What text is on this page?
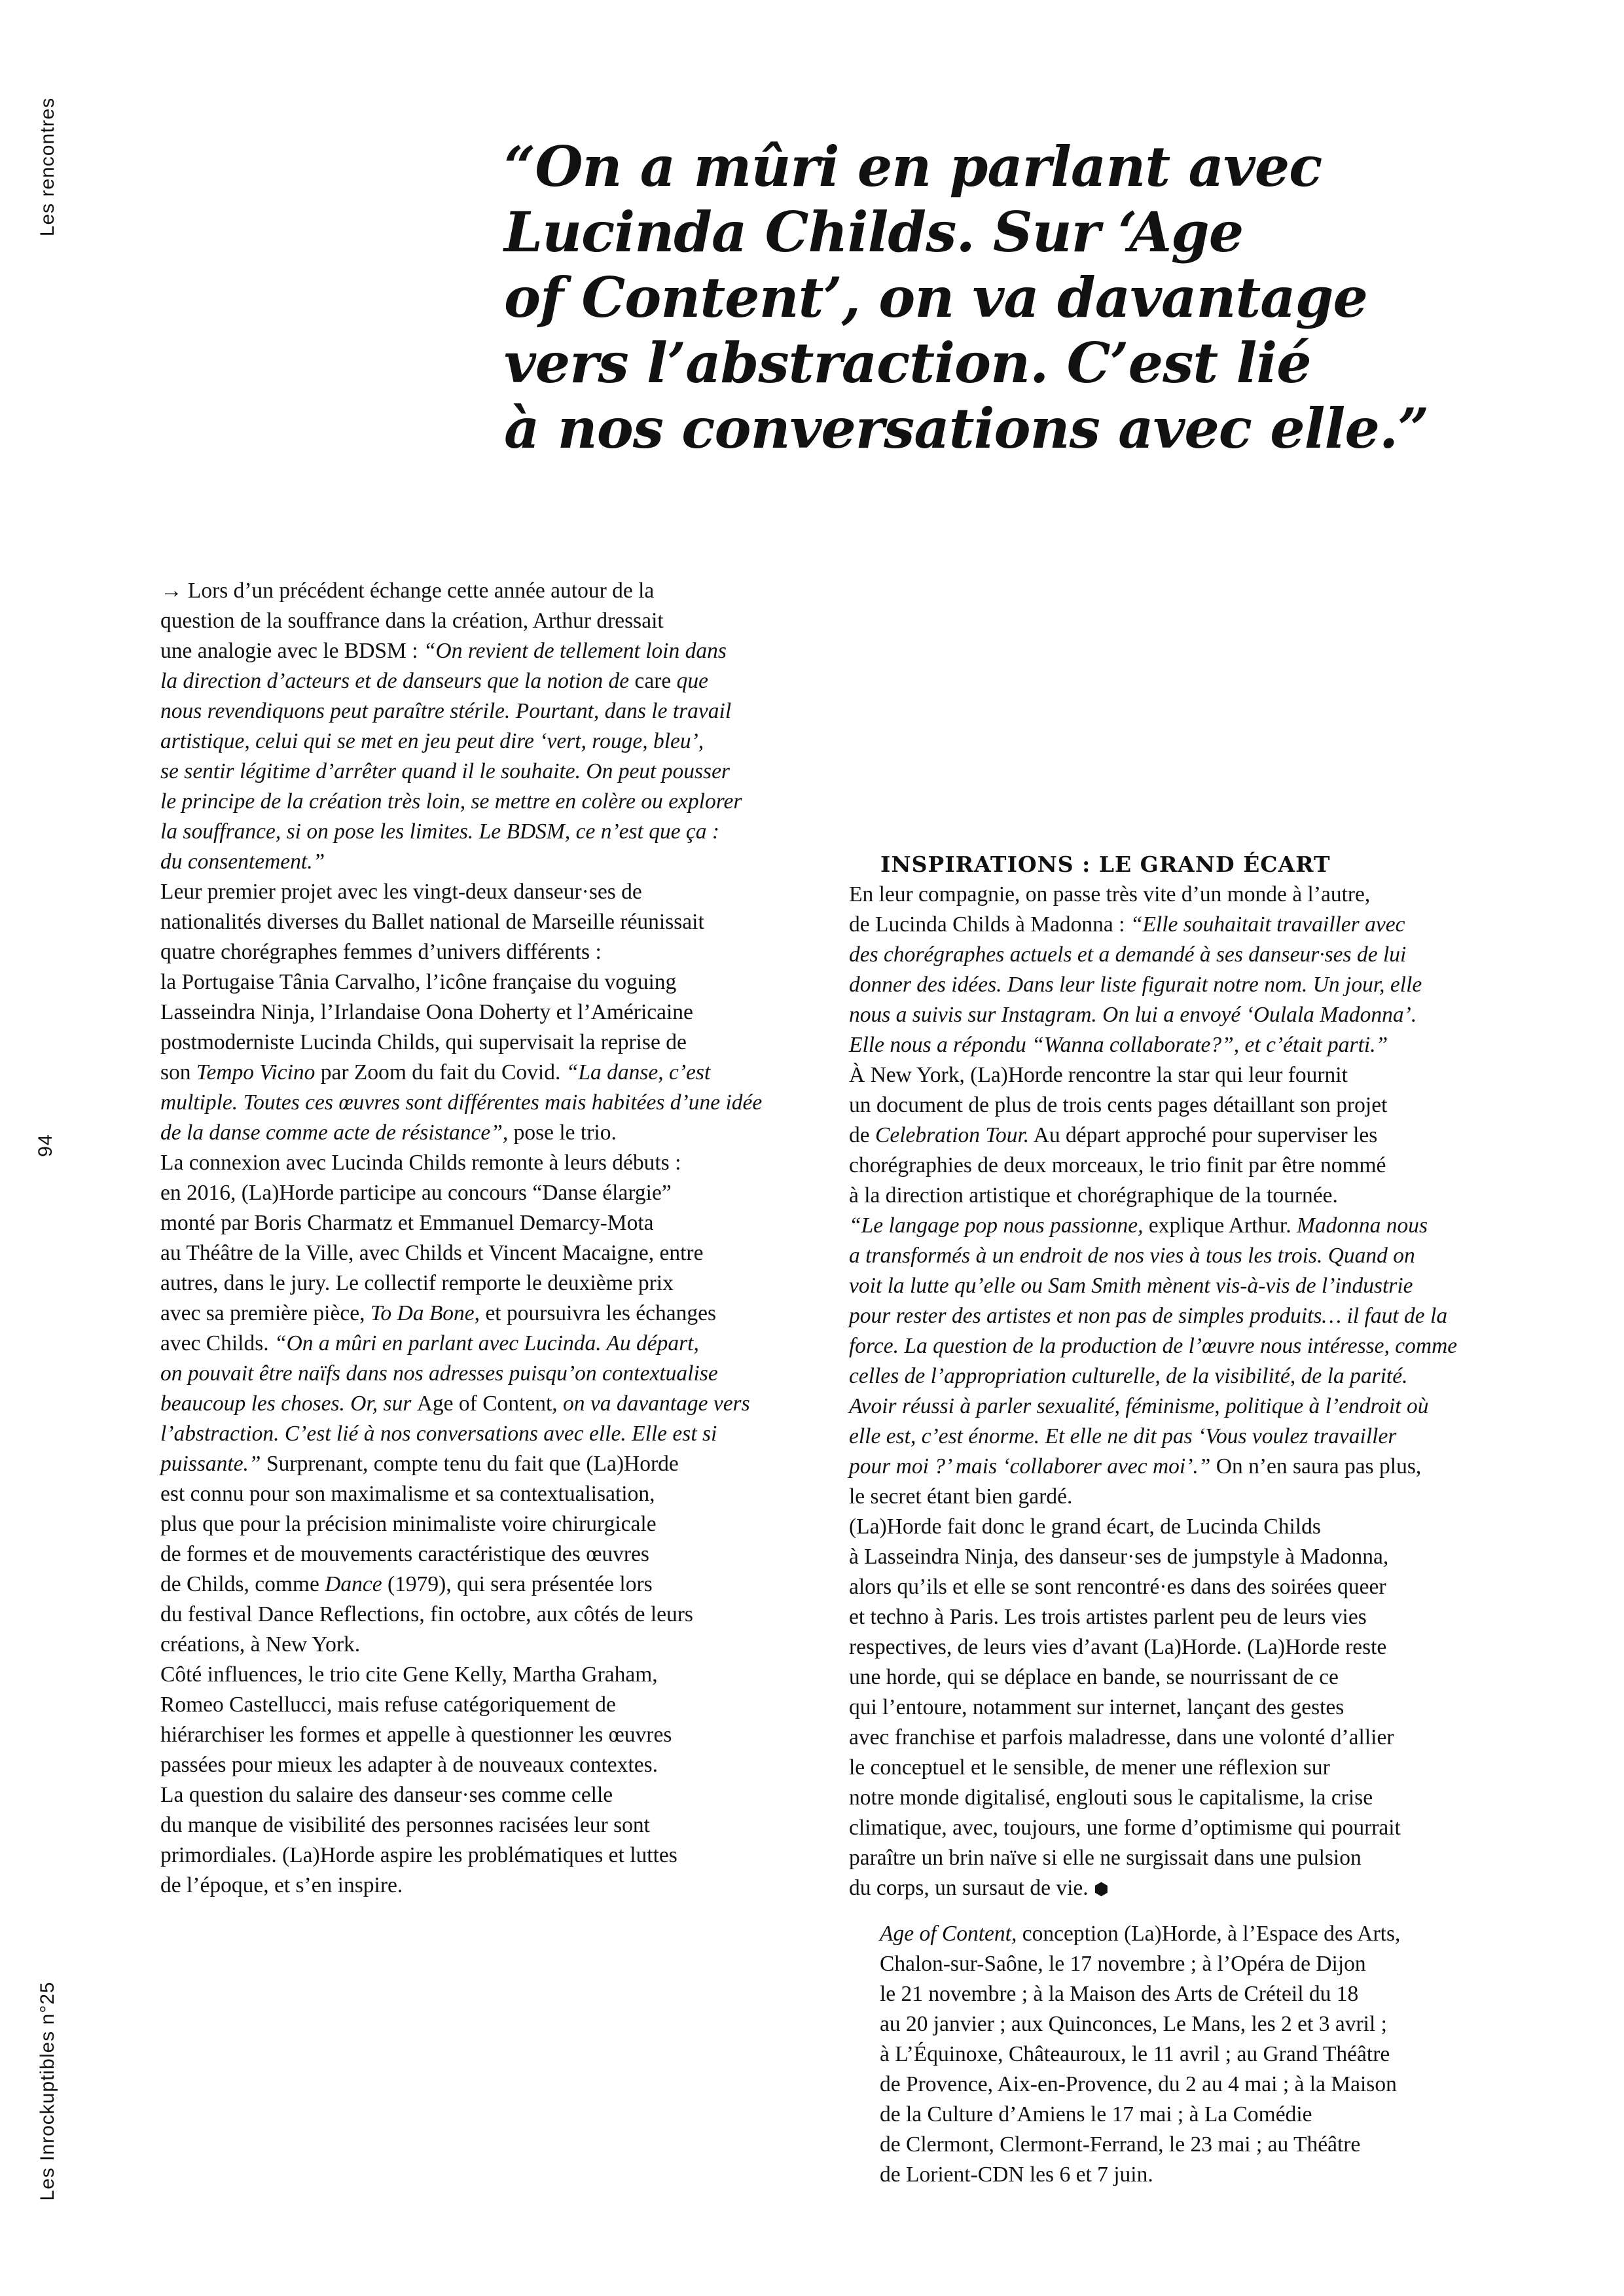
Les rencontres
94
Les Inrockuptibles n°25
“On a mûri en parlant avec
Lucinda Childs. Sur ‘Age
of Content’, on va davantage
vers l’abstraction. C’est lié
à nos conversations avec elle.”
→ Lors d’un précédent échange cette année autour de la
question de la souffrance dans la création, Arthur dressait
une analogie avec le BDSM : “On revient de tellement loin dans
la direction d’acteurs et de danseurs que la notion de care que
nous revendiquons peut paraître stérile. Pourtant, dans le travail
artistique, celui qui se met en jeu peut dire ‘vert, rouge, bleu’,
se sentir légitime d’arrêter quand il le souhaite. On peut pousser
le principe de la création très loin, se mettre en colère ou explorer
la souffrance, si on pose les limites. Le BDSM, ce n’est que ça :
du consentement.”
Leur premier projet avec les vingt-deux danseur·ses de
nationalités diverses du Ballet national de Marseille réunissait
quatre chorégraphes femmes d’univers différents :
la Portugaise Tânia Carvalho, l’icône française du voguing
Lasseindra Ninja, l’Irlandaise Oona Doherty et l’Américaine
postmoderniste Lucinda Childs, qui supervisait la reprise de
son Tempo Vicino par Zoom du fait du Covid. “La danse, c’est
multiple. Toutes ces œuvres sont différentes mais habitées d’une idée
de la danse comme acte de résistance”, pose le trio.
La connexion avec Lucinda Childs remonte à leurs débuts :
en 2016, (La)Horde participe au concours “Danse élargie”
monté par Boris Charmatz et Emmanuel Demarcy-Mota
au Théâtre de la Ville, avec Childs et Vincent Macaigne, entre
autres, dans le jury. Le collectif remporte le deuxième prix
avec sa première pièce, To Da Bone, et poursuivra les échanges
avec Childs. “On a mûri en parlant avec Lucinda. Au départ,
on pouvait être naïfs dans nos adresses puisqu’on contextualise
beaucoup les choses. Or, sur Age of Content, on va davantage vers
l’abstraction. C’est lié à nos conversations avec elle. Elle est si
puissante.” Surprenant, compte tenu du fait que (La)Horde
est connu pour son maximalisme et sa contextualisation,
plus que pour la précision minimaliste voire chirurgicale
de formes et de mouvements caractéristique des œuvres
de Childs, comme Dance (1979), qui sera présentée lors
du festival Dance Reflections, fin octobre, aux côtés de leurs
créations, à New York.
Côté influences, le trio cite Gene Kelly, Martha Graham,
Romeo Castellucci, mais refuse catégoriquement de
hiérarchiser les formes et appelle à questionner les œuvres
passées pour mieux les adapter à de nouveaux contextes.
La question du salaire des danseur·ses comme celle
du manque de visibilité des personnes racisées leur sont
primordiales. (La)Horde aspire les problématiques et luttes
de l’époque, et s’en inspire.
INSPIRATIONS : LE GRAND ÉCART
En leur compagnie, on passe très vite d’un monde à l’autre,
de Lucinda Childs à Madonna : “Elle souhaitait travailler avec
des chorégraphes actuels et a demandé à ses danseur·ses de lui
donner des idées. Dans leur liste figurait notre nom. Un jour, elle
nous a suivis sur Instagram. On lui a envoyé ‘Oulala Madonna’.
Elle nous a répondu “Wanna collaborate?”, et c’était parti.”
À New York, (La)Horde rencontre la star qui leur fournit
un document de plus de trois cents pages détaillant son projet
de Celebration Tour. Au départ approché pour superviser les
chorégraphies de deux morceaux, le trio finit par être nommé
à la direction artistique et chorégraphique de la tournée.
“Le langage pop nous passionne, explique Arthur. Madonna nous
a transformés à un endroit de nos vies à tous les trois. Quand on
voit la lutte qu’elle ou Sam Smith mènent vis-à-vis de l’industrie
pour rester des artistes et non pas de simples produits… il faut de la
force. La question de la production de l’œuvre nous intéresse, comme
celles de l’appropriation culturelle, de la visibilité, de la parité.
Avoir réussi à parler sexualité, féminisme, politique à l’endroit où
elle est, c’est énorme. Et elle ne dit pas ‘Vous voulez travailler
pour moi ?’ mais ‘collaborer avec moi’.” On n’en saura pas plus,
le secret étant bien gardé.
(La)Horde fait donc le grand écart, de Lucinda Childs
à Lasseindra Ninja, des danseur·ses de jumpstyle à Madonna,
alors qu’ils et elle se sont rencontré·es dans des soirées queer
et techno à Paris. Les trois artistes parlent peu de leurs vies
respectives, de leurs vies d’avant (La)Horde. (La)Horde reste
une horde, qui se déplace en bande, se nourrissant de ce
qui l’entoure, notamment sur internet, lançant des gestes
avec franchise et parfois maladresse, dans une volonté d’allier
le conceptuel et le sensible, de mener une réflexion sur
notre monde digitalisé, englouti sous le capitalisme, la crise
climatique, avec, toujours, une forme d’optimisme qui pourrait
paraître un brin naïve si elle ne surgissait dans une pulsion
du corps, un sursaut de vie. ⬢
Age of Content, conception (La)Horde, à l’Espace des Arts,
Chalon-sur-Saône, le 17 novembre ; à l’Opéra de Dijon
le 21 novembre ; à la Maison des Arts de Créteil du 18
au 20 janvier ; aux Quinconces, Le Mans, les 2 et 3 avril ;
à L’Équinoxe, Châteauroux, le 11 avril ; au Grand Théâtre
de Provence, Aix-en-Provence, du 2 au 4 mai ; à la Maison
de la Culture d’Amiens le 17 mai ; à La Comédie
de Clermont, Clermont-Ferrand, le 23 mai ; au Théâtre
de Lorient-CDN les 6 et 7 juin.
